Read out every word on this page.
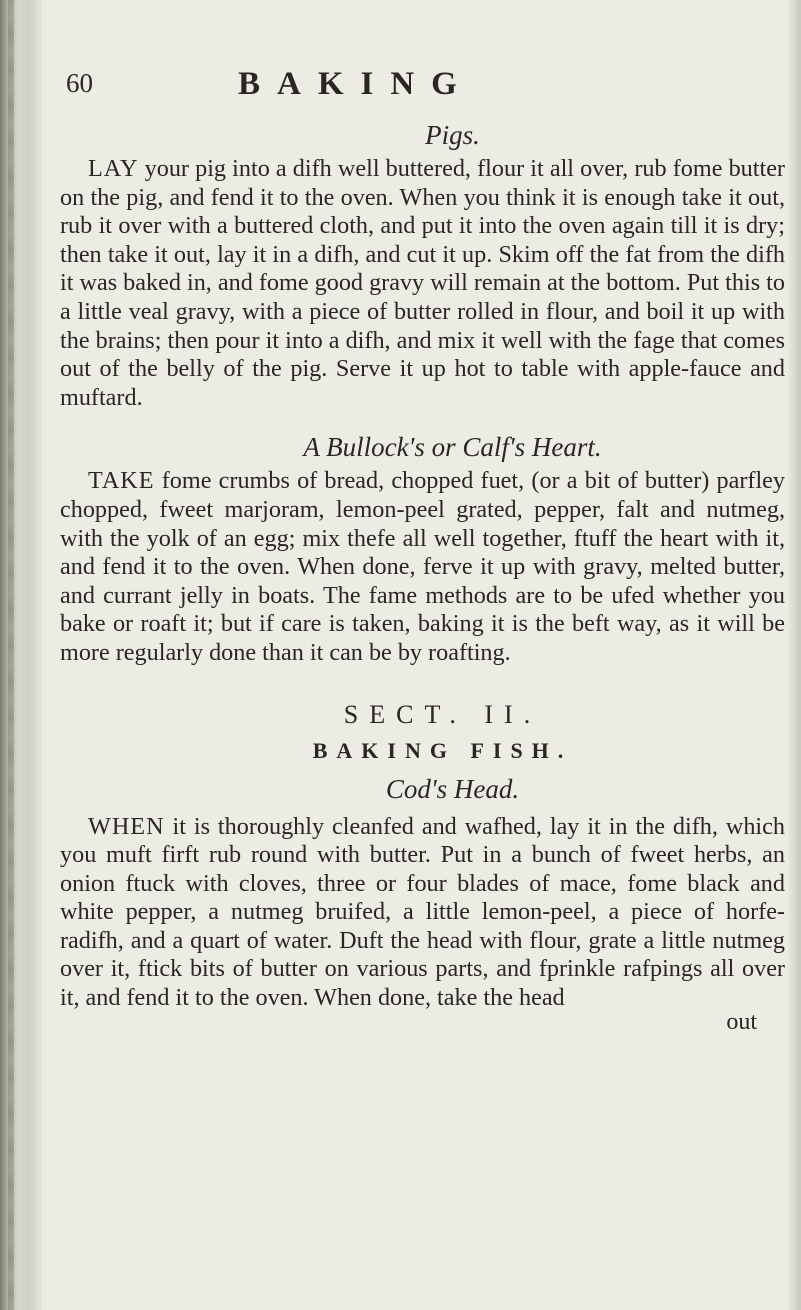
60	BAKING
Pigs.

LAY your pig into a difh well buttered, flour it all over, rub fome butter on the pig, and fend it to the oven. When you think it is enough take it out, rub it over with a buttered cloth, and put it into the oven again till it is dry; then take it out, lay it in a difh, and cut it up. Skim off the fat from the difh it was baked in, and fome good gravy will remain at the bottom. Put this to a little veal gravy, with a piece of butter rolled in flour, and boil it up with the brains; then pour it into a difh, and mix it well with the fage that comes out of the belly of the pig. Serve it up hot to table with apple-fauce and muftard.

A Bullock's or Calf's Heart.

TAKE fome crumbs of bread, chopped fuet, (or a bit of butter) parfley chopped, fweet marjoram, lemon-peel grated, pepper, falt and nutmeg, with the yolk of an egg; mix thefe all well together, ftuff the heart with it, and fend it to the oven. When done, ferve it up with gravy, melted butter, and currant jelly in boats. The fame methods are to be ufed whether you bake or roaft it; but if care is taken, baking it is the beft way, as it will be more regularly done than it can be by roafting.

SECT. II.
BAKING FISH.
Cod's Head.

WHEN it is thoroughly cleanfed and wafhed, lay it in the difh, which you muft firft rub round with butter. Put in a bunch of fweet herbs, an onion ftuck with cloves, three or four blades of mace, fome black and white pepper, a nutmeg bruifed, a little lemon-peel, a piece of horfe-radifh, and a quart of water. Duft the head with flour, grate a little nutmeg over it, ftick bits of butter on various parts, and fprinkle rafpings all over it, and fend it to the oven. When done, take the head

out
